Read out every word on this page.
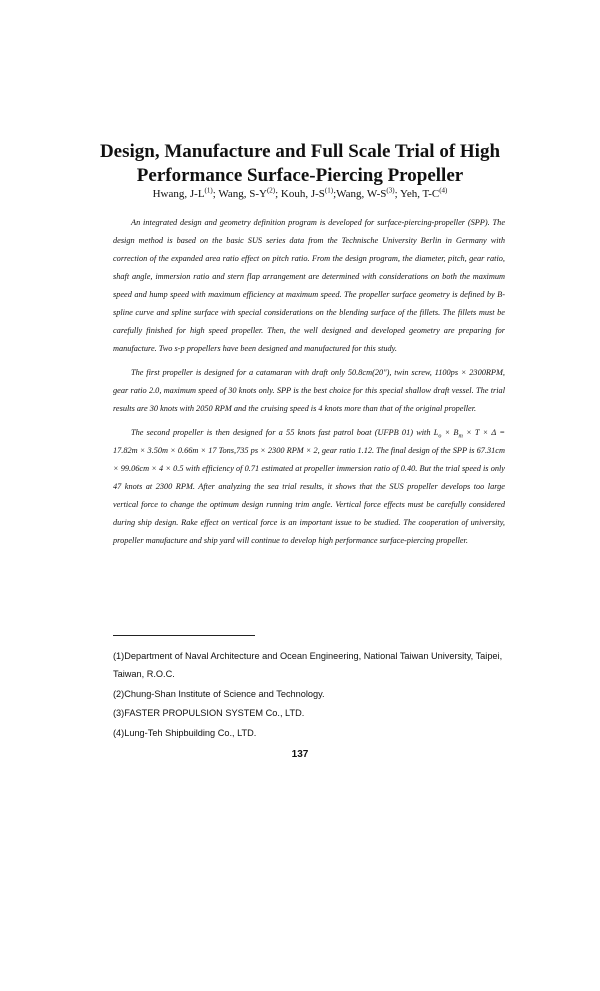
Design, Manufacture and Full Scale Trial of High
Performance Surface-Piercing Propeller
Hwang, $J-L^{(1)}$; Wang, $S-Y^{(2)}$; Kouh, $J-S^{(1)};Wang$, $W-S^{(3)}$; Yeh, $T-C^{(4)}$

An integrated design and geometry definition program is developed for surface-piercing-propeller (SPP). The design method is based on the basic SUS series data from the Technische University Berlin in Germany with correction of the expanded area ratio effect on pitch ratio. From the design program, the diameter, pitch, gear ratio, shaft angle, immersion ratio and stern flap arrangement are determined with considerations on both the maximum speed and hump speed with maximum efficiency at maximum speed. The propeller surface geometry is defined by B-spline curve and spline surface with special considerations on the blending surface of the fillets. The fillets must be carefully finished for high speed propeller. Then, the well designed and developed geometry are preparing for manufacture. Two s-p propellers have been designed and manufactured for this study.

The first propeller is designed for a catamaran with draft only 50.8cm(20"), twin screw, 1100ps × 2300RPM, gear ratio 2.0, maximum speed of 30 knots only. SPP is the best choice for this special shallow draft vessel. The trial results are 30 knots with 2050 RPM and the cruising speed is 4 knots more than that of the original propeller.

The second propeller is then designed for a 55 knots fast patrol boat (UFPB 01) with $L_o \times B_m \times T \times \Delta = 17.82m \times 3.50m \times 0.66m \times 17$ Tons,735 ps × 2300 RPM × 2, gear ratio 1.12. The final design of the SPP is 67.31cm × 99.06cm × 4 × 0.5 with efficiency of 0.71 estimated at propeller immersion ratio of 0.40. But the trial speed is only 47 knots at 2300 RPM. After analyzing the sea trial results, it shows that the SUS propeller develops too large vertical force to change the optimum design running trim angle. Vertical force effects must be carefully considered during ship design. Rake effect on vertical force is an important issue to be studied. The cooperation of university, propeller manufacture and ship yard will continue to develop high performance surface-piercing propeller.

(1)Department of Naval Architecture and Ocean Engineering, National Taiwan University, Taipei, Taiwan, R.O.C.
(2)Chung-Shan Institute of Science and Technology.
(3)FASTER PROPULSION SYSTEM Co., LTD.
(4)Lung-Teh Shipbuilding Co., LTD.
137
